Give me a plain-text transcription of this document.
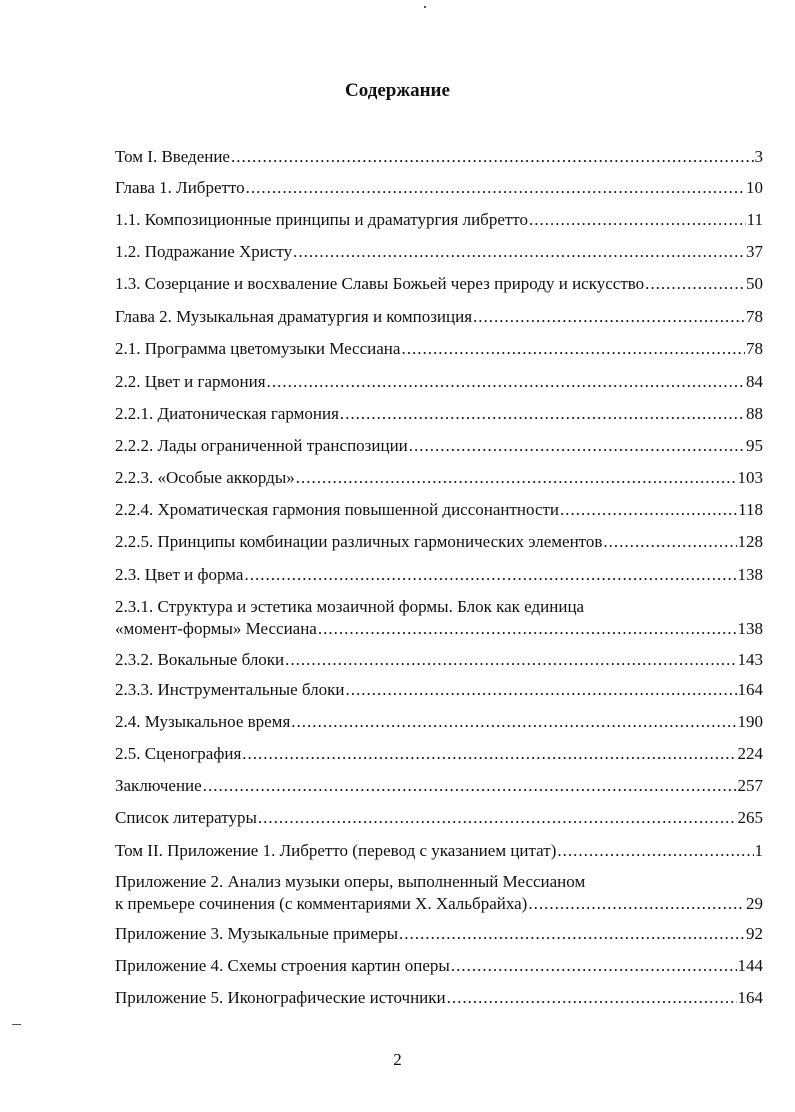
Содержание
Том I. Введение .....	3
Глава 1. Либретто .....	10
1.1. Композиционные принципы и драматургия либретто .....	11
1.2. Подражание Христу .....	37
1.3. Созерцание и восхваление Славы Божьей через природу и искусство .....	50
Глава 2. Музыкальная драматургия и композиция .....	78
2.1. Программа цветомузыки Мессиана .....	78
2.2. Цвет и гармония .....	84
2.2.1. Диатоническая гармония .....	88
2.2.2. Лады ограниченной транспозиции .....	95
2.2.3. «Особые аккорды» .....	103
2.2.4. Хроматическая гармония повышенной диссонантности .....	118
2.2.5. Принципы комбинации различных гармонических элементов .....	128
2.3. Цвет и форма .....	138
2.3.1. Структура и эстетика мозаичной формы. Блок как единица
«момент-формы» Мессиана .....	138
2.3.2. Вокальные блоки .....	143
2.3.3. Инструментальные блоки .....	164
2.4. Музыкальное время .....	190
2.5. Сценография .....	224
Заключение .....	257
Список литературы .....	265
Том II. Приложение 1. Либретто (перевод с указанием цитат) .....	1
Приложение 2. Анализ музыки оперы, выполненный Мессианом
к премьере сочинения (с комментариями Х. Хальбрайха) .....	29
Приложение 3. Музыкальные примеры .....	92
Приложение 4. Схемы строения картин оперы .....	144
Приложение 5. Иконографические источники .....	164
2
